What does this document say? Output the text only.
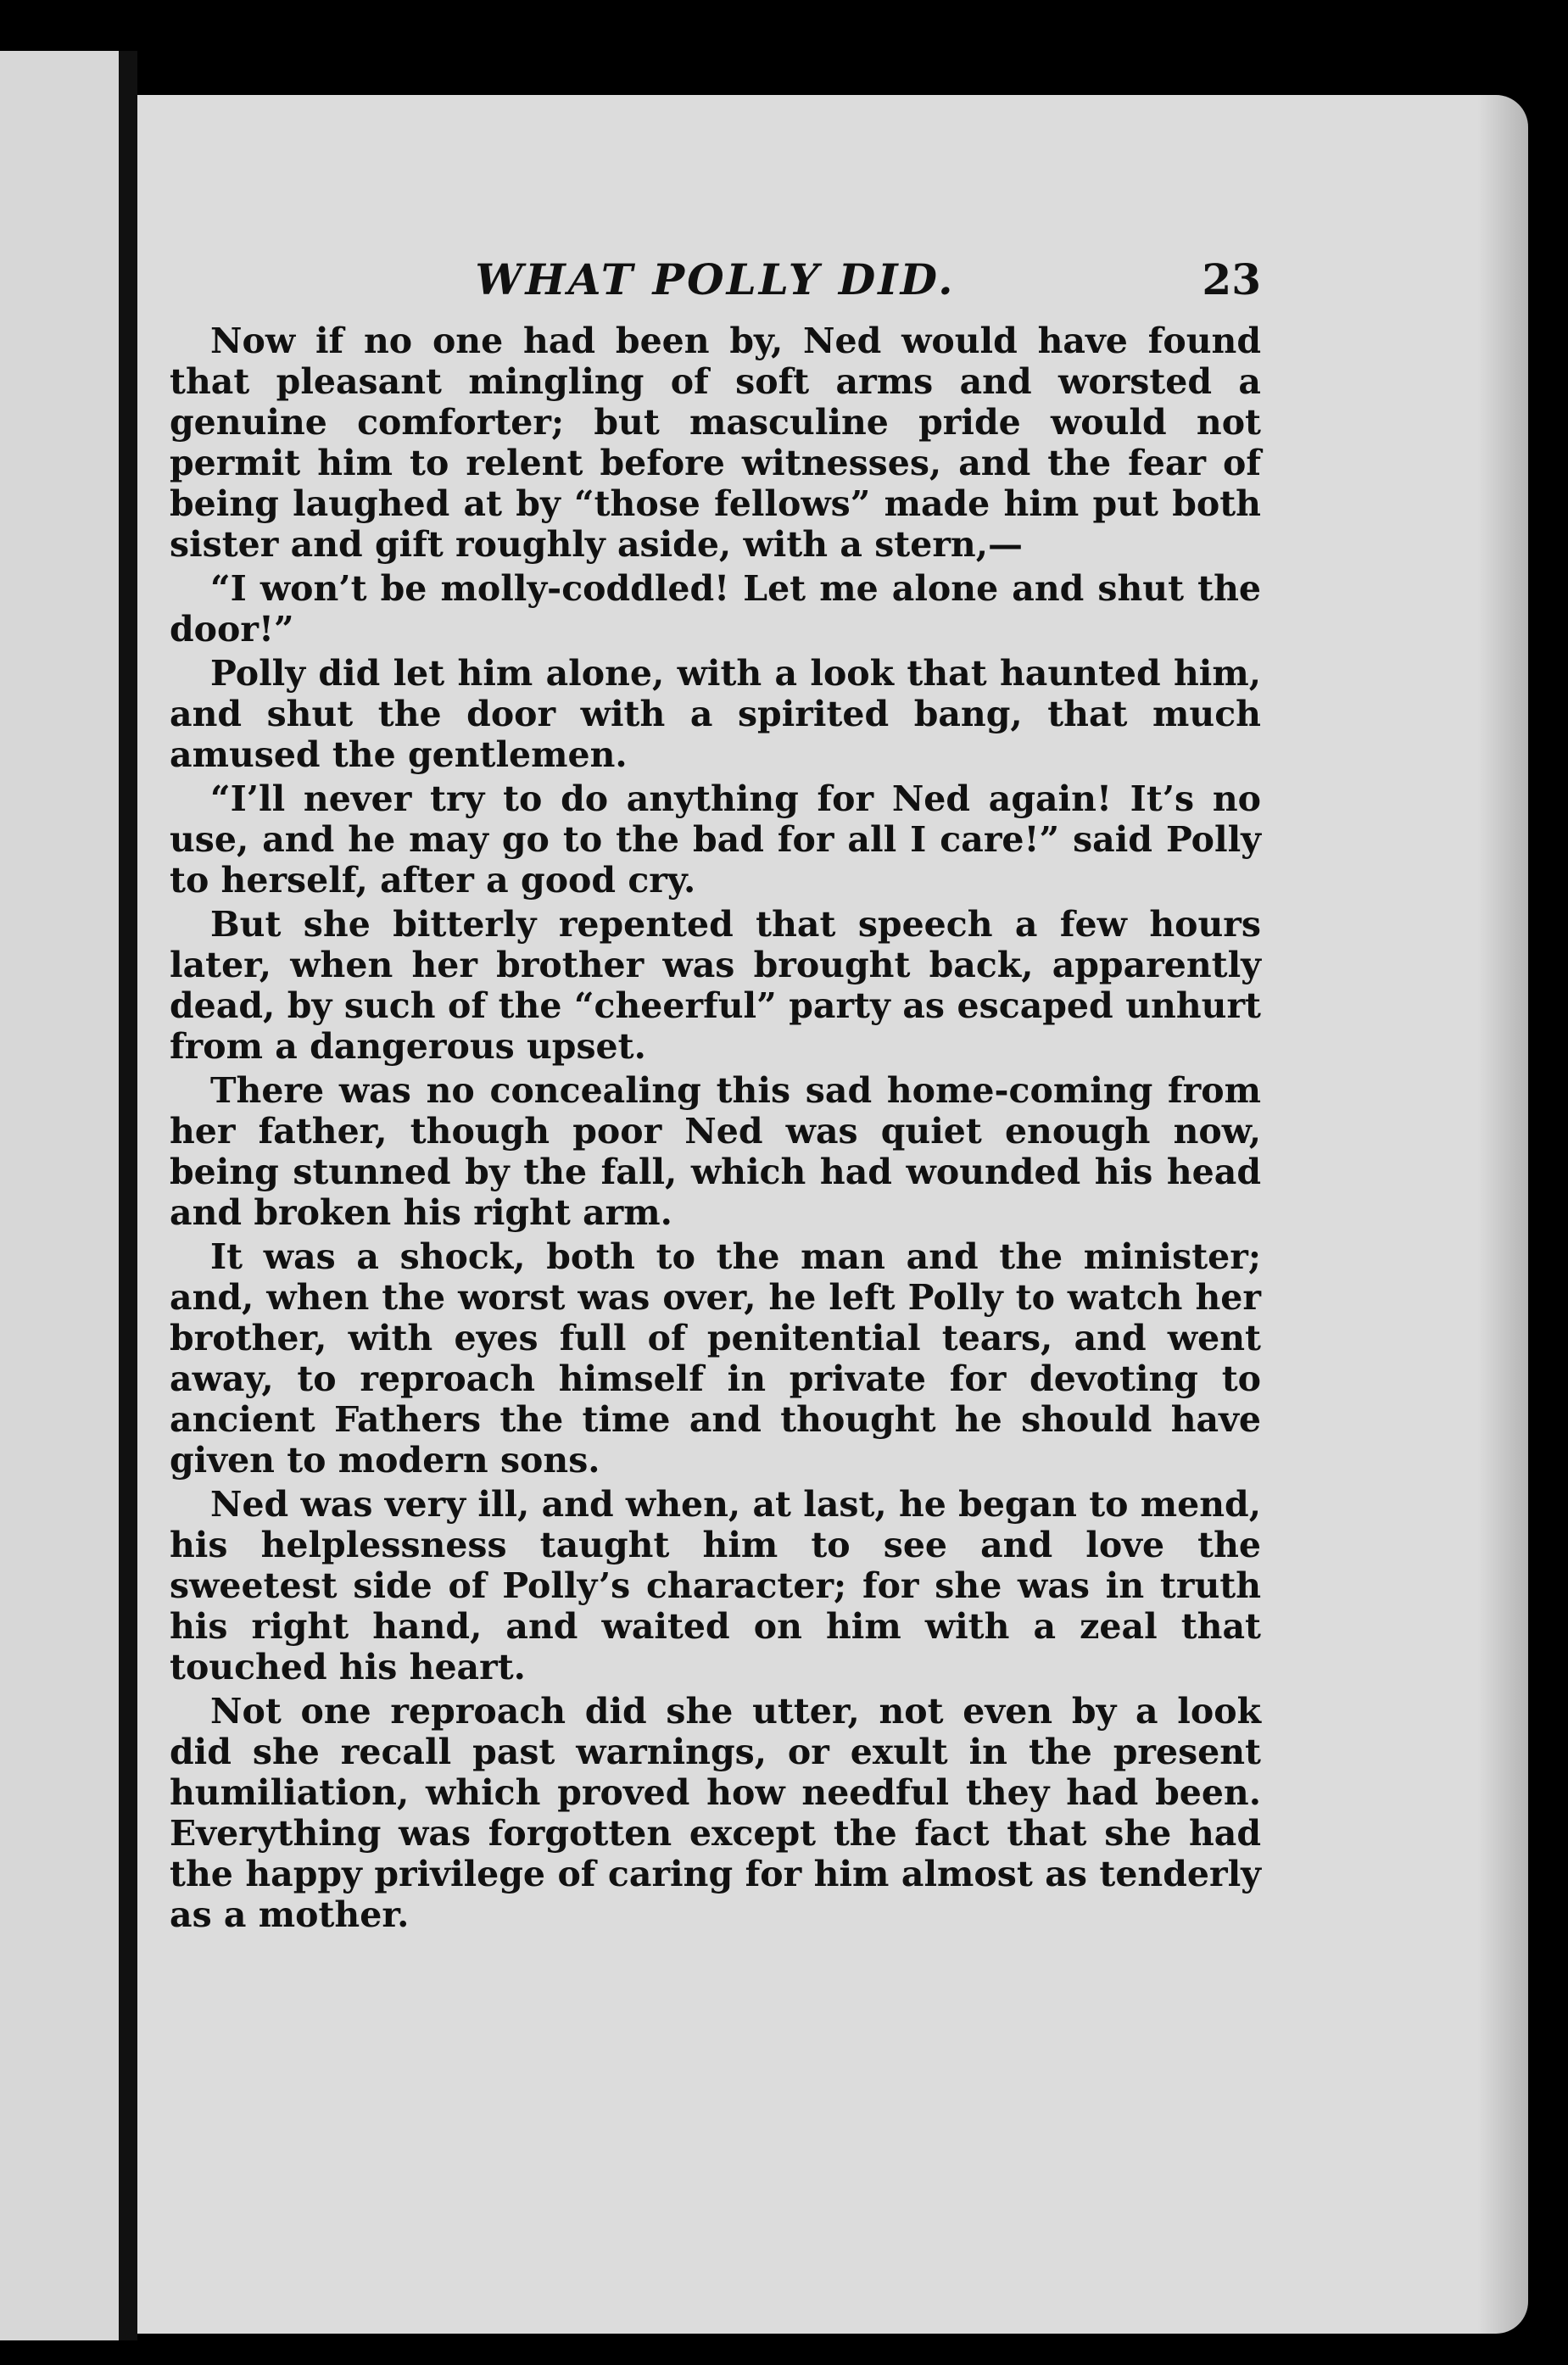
WHAT POLLY DID.	23

Now if no one had been by, Ned would have found that pleasant mingling of soft arms and worsted a genuine comforter; but masculine pride would not permit him to relent before witnesses, and the fear of being laughed at by “those fellows” made him put both sister and gift roughly aside, with a stern,—

“I won’t be molly-coddled! Let me alone and shut the door!”

Polly did let him alone, with a look that haunted him, and shut the door with a spirited bang, that much amused the gentlemen.

“I’ll never try to do anything for Ned again! It’s no use, and he may go to the bad for all I care!” said Polly to herself, after a good cry.

But she bitterly repented that speech a few hours later, when her brother was brought back, apparently dead, by such of the “cheerful” party as escaped unhurt from a dangerous upset.

There was no concealing this sad home-coming from her father, though poor Ned was quiet enough now, being stunned by the fall, which had wounded his head and broken his right arm.

It was a shock, both to the man and the minister; and, when the worst was over, he left Polly to watch her brother, with eyes full of penitential tears, and went away, to reproach himself in private for devoting to ancient Fathers the time and thought he should have given to modern sons.

Ned was very ill, and when, at last, he began to mend, his helplessness taught him to see and love the sweetest side of Polly’s character; for she was in truth his right hand, and waited on him with a zeal that touched his heart.

Not one reproach did she utter, not even by a look did she recall past warnings, or exult in the present humiliation, which proved how needful they had been. Everything was forgotten except the fact that she had the happy privilege of caring for him almost as tenderly as a mother.
